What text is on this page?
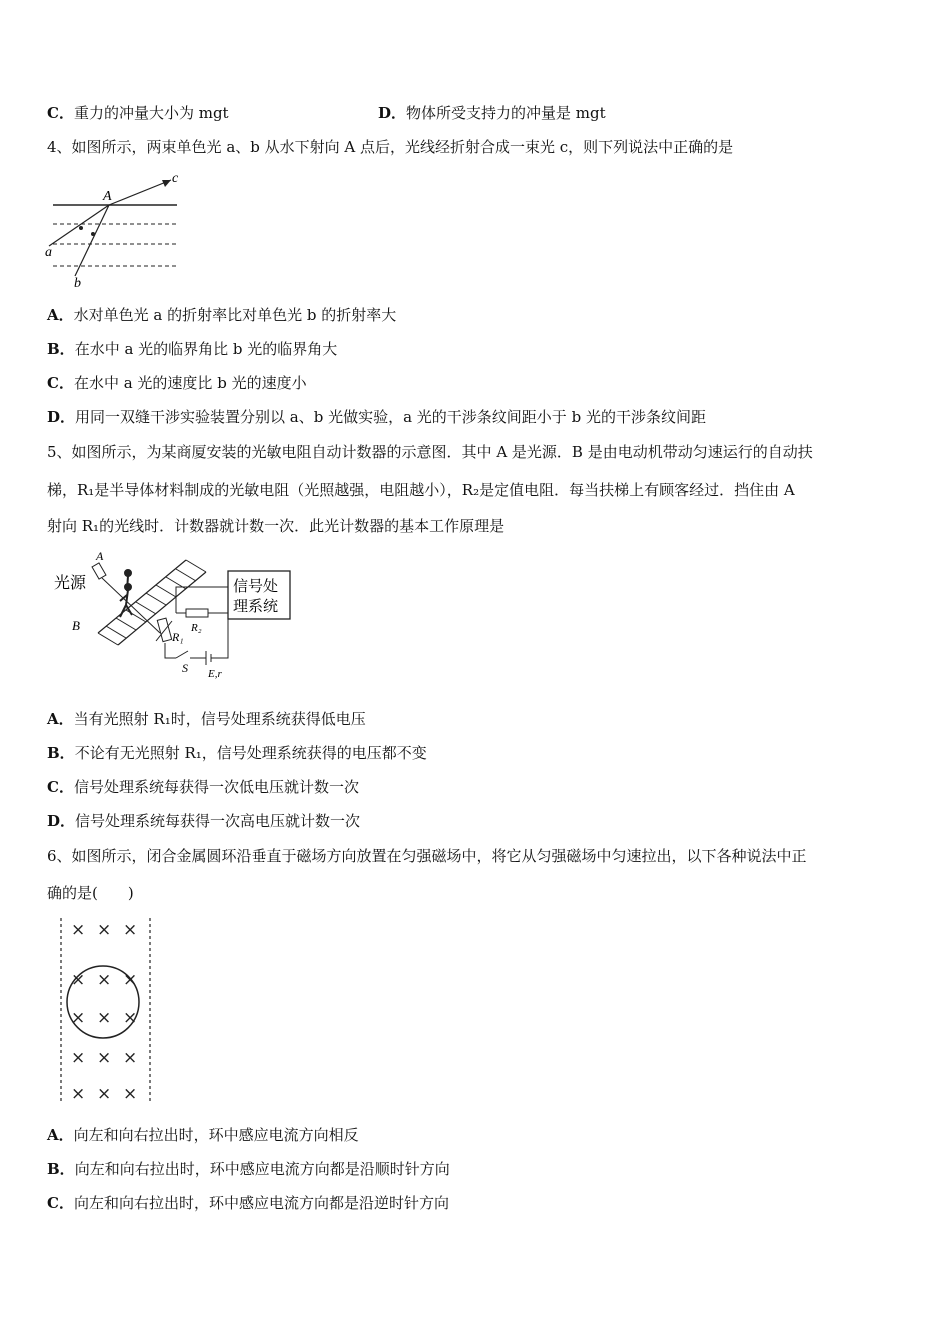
C．重力的冲量大小为 mgt	D．物体所受支持力的冲量是 mgt
4、如图所示，两束单色光 a、b 从水下射向 A 点后，光线经折射合成一束光 c，则下列说法中正确的是
A
c
a
b
A．水对单色光 a 的折射率比对单色光 b 的折射率大
B．在水中 a 光的临界角比 b 光的临界角大
C．在水中 a 光的速度比 b 光的速度小
D．用同一双缝干涉实验装置分别以 a、b 光做实验，a 光的干涉条纹间距小于 b 光的干涉条纹间距
5、如图所示，为某商厦安装的光敏电阻自动计数器的示意图．其中 A 是光源．B 是由电动机带动匀速运行的自动扶
梯，R₁是半导体材料制成的光敏电阻（光照越强，电阻越小），R₂是定值电阻．每当扶梯上有顾客经过．挡住由 A
射向 R₁的光线时．计数器就计数一次．此光计数器的基本工作原理是
光源
A
B
R₁
R₂
S E,r
信号处
理系统
A．当有光照射 R₁时，信号处理系统获得低电压
B．不论有无光照射 R₁，信号处理系统获得的电压都不变
C．信号处理系统每获得一次低电压就计数一次
D．信号处理系统每获得一次高电压就计数一次
6、如图所示，闭合金属圆环沿垂直于磁场方向放置在匀强磁场中，将它从匀强磁场中匀速拉出，以下各种说法中正
确的是(　　)
× × ×
× × ×
× × ×
× × ×
× × ×
A．向左和向右拉出时，环中感应电流方向相反
B．向左和向右拉出时，环中感应电流方向都是沿顺时针方向
C．向左和向右拉出时，环中感应电流方向都是沿逆时针方向
